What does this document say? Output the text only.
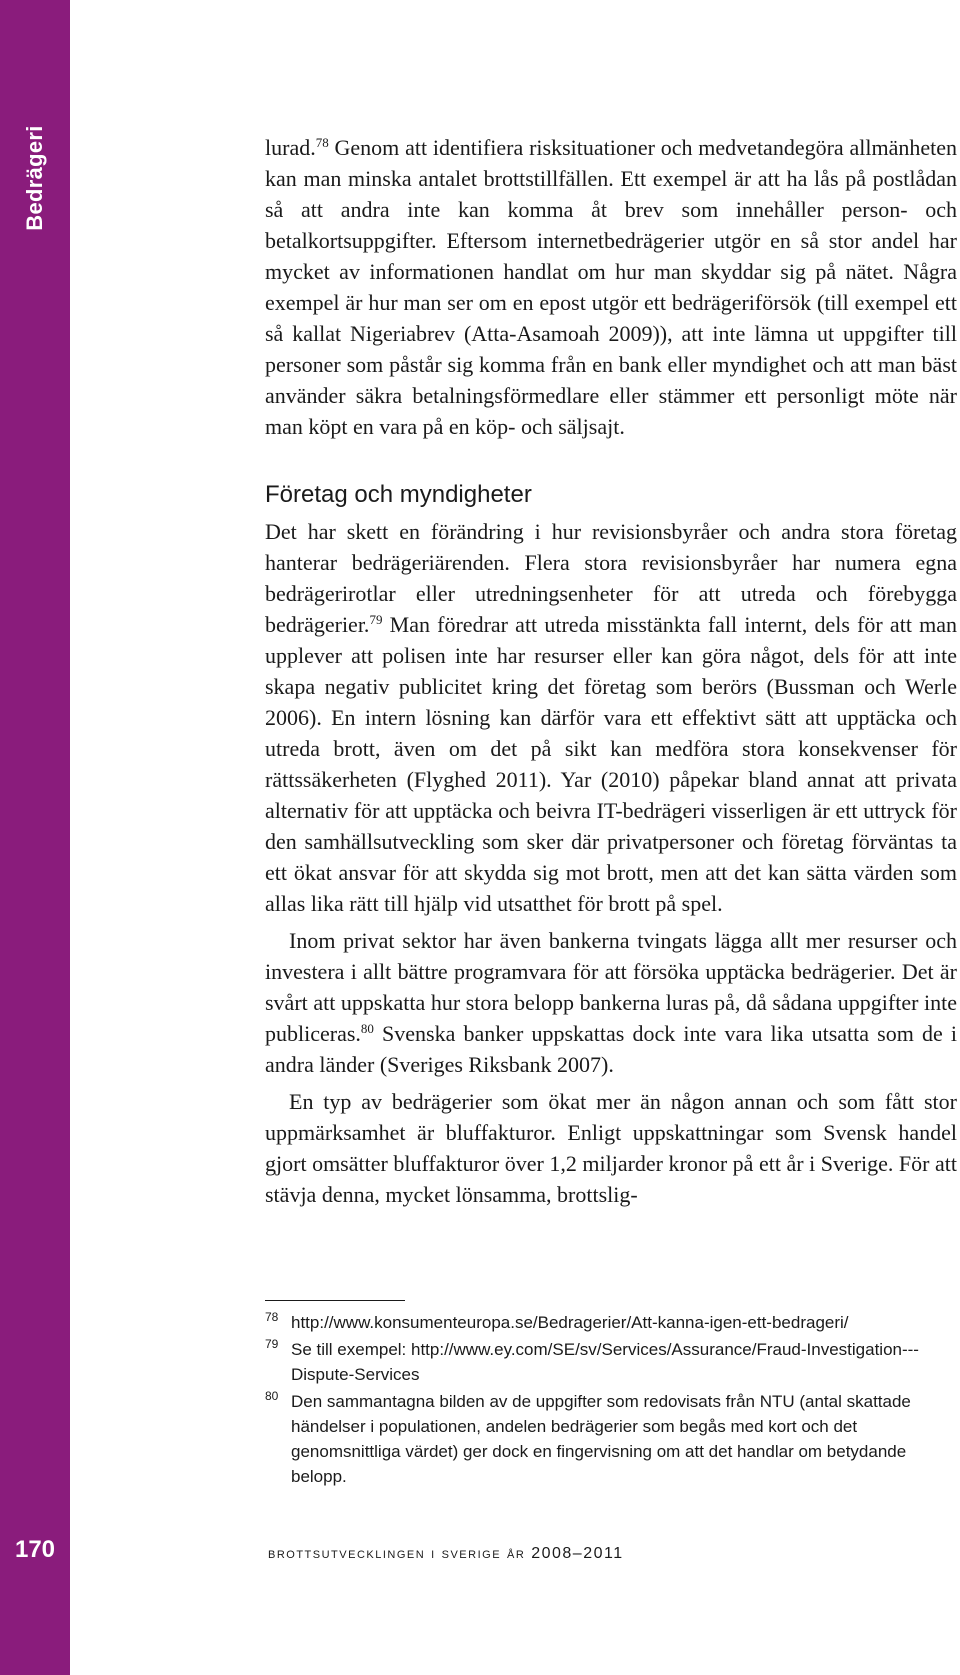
Bedrägeri
170

lurad.$^{78}$ Genom att identifiera risksituationer och medvetandegöra allmänheten kan man minska antalet brottstillfällen. Ett exempel är att ha lås på postlådan så att andra inte kan komma åt brev som innehåller person- och betalkortsuppgifter. Eftersom internetbedrägerier utgör en så stor andel har mycket av informationen handlat om hur man skyddar sig på nätet. Några exempel är hur man ser om en epost utgör ett bedrägeriförsök (till exempel ett så kallat Nigeriabrev (Atta-Asamoah 2009)), att inte lämna ut uppgifter till personer som påstår sig komma från en bank eller myndighet och att man bäst använder säkra betalningsförmedlare eller stämmer ett personligt möte när man köpt en vara på en köp- och säljsajt.

Företag och myndigheter

Det har skett en förändring i hur revisionsbyråer och andra stora företag hanterar bedrägeriärenden. Flera stora revisionsbyråer har numera egna bedrägerirotlar eller utredningsenheter för att utreda och förebygga bedrägerier.$^{79}$ Man föredrar att utreda misstänkta fall internt, dels för att man upplever att polisen inte har resurser eller kan göra något, dels för att inte skapa negativ publicitet kring det företag som berörs (Bussman och Werle 2006). En intern lösning kan därför vara ett effektivt sätt att upptäcka och utreda brott, även om det på sikt kan medföra stora konsekvenser för rättssäkerheten (Flyghed 2011). Yar (2010) påpekar bland annat att privata alternativ för att upptäcka och beivra IT-bedrägeri visserligen är ett uttryck för den samhällsutveckling som sker där privatpersoner och företag förväntas ta ett ökat ansvar för att skydda sig mot brott, men att det kan sätta värden som allas lika rätt till hjälp vid utsatthet för brott på spel.

Inom privat sektor har även bankerna tvingats lägga allt mer resurser och investera i allt bättre programvara för att försöka upptäcka bedrägerier. Det är svårt att uppskatta hur stora belopp bankerna luras på, då sådana uppgifter inte publiceras.$^{80}$ Svenska banker uppskattas dock inte vara lika utsatta som de i andra länder (Sveriges Riksbank 2007).

En typ av bedrägerier som ökat mer än någon annan och som fått stor uppmärksamhet är bluffakturor. Enligt uppskattningar som Svensk handel gjort omsätter bluffakturor över 1,2 miljarder kronor på ett år i Sverige. För att stävja denna, mycket lönsamma, brottslig-

78 http://www.konsumenteuropa.se/Bedragerier/Att-kanna-igen-ett-bedrageri/
79 Se till exempel: http://www.ey.com/SE/sv/Services/Assurance/Fraud-Investigation---Dispute-Services
80 Den sammantagna bilden av de uppgifter som redovisats från NTU (antal skattade händelser i populationen, andelen bedrägerier som begås med kort och det genomsnittliga värdet) ger dock en fingervisning om att det handlar om betydande belopp.
brottsutvecklingen i sverige år 2008–2011
